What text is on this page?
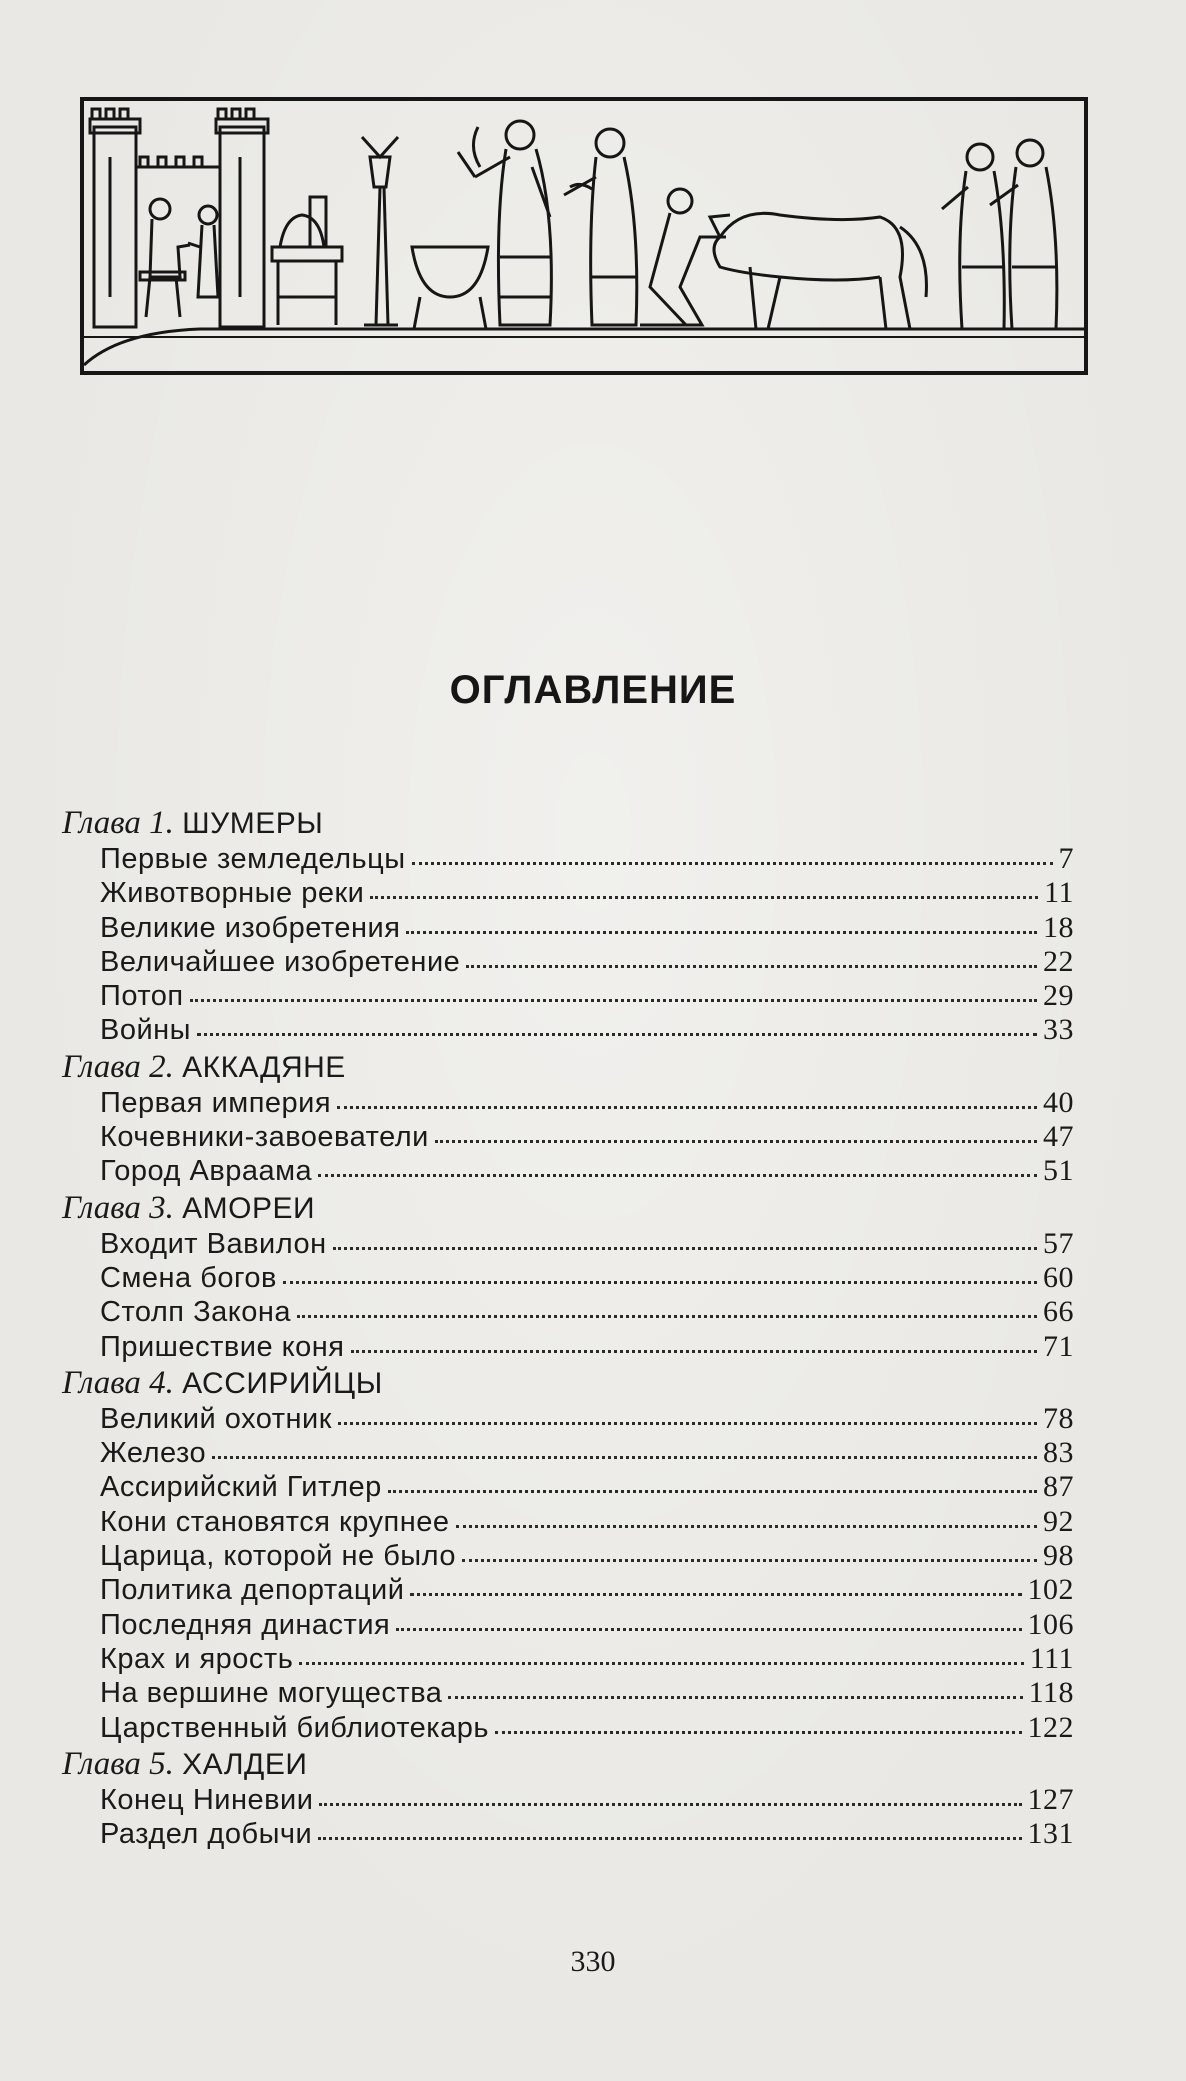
ОГЛАВЛЕНИЕ
Глава 1. ШУМЕРЫ
Первые земледельцы	7
Животворные реки	11
Великие изобретения	18
Величайшее изобретение	22
Потоп	29
Войны	33
Глава 2. АККАДЯНЕ
Первая империя	40
Кочевники-завоеватели	47
Город Авраама	51
Глава 3. АМОРЕИ
Входит Вавилон	57
Смена богов	60
Столп Закона	66
Пришествие коня	71
Глава 4. АССИРИЙЦЫ
Великий охотник	78
Железо	83
Ассирийский Гитлер	87
Кони становятся крупнее	92
Царица, которой не было	98
Политика депортаций	102
Последняя династия	106
Крах и ярость	111
На вершине могущества	118
Царственный библиотекарь	122
Глава 5. ХАЛДЕИ
Конец Ниневии	127
Раздел добычи	131
330
